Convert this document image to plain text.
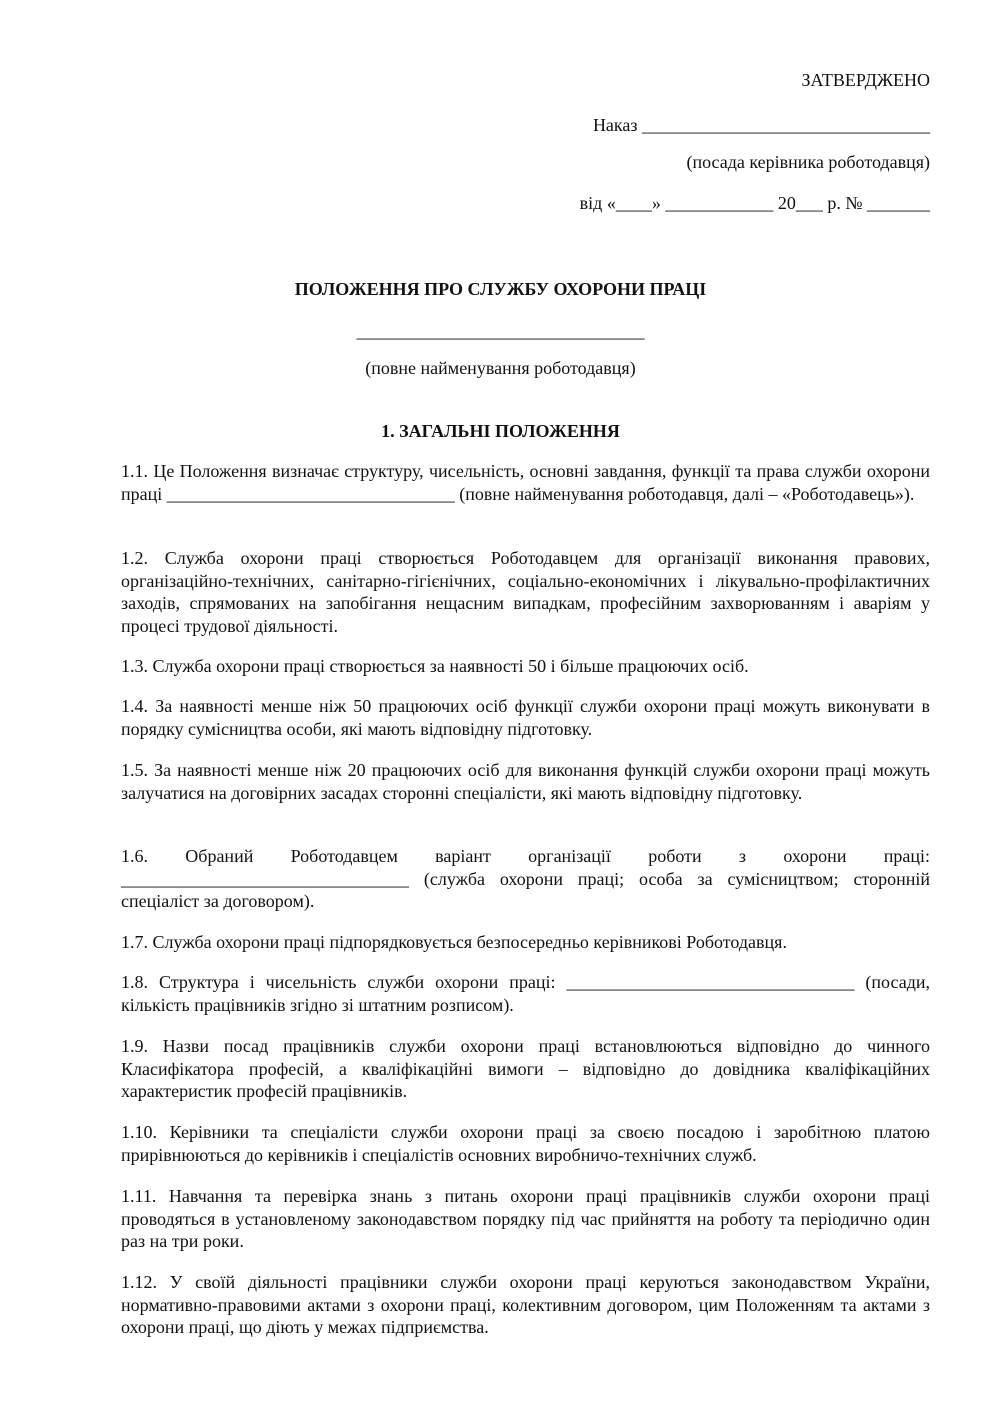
ЗАТВЕРДЖЕНО
Наказ ________________________________
(посада керівника роботодавця)
від «____» ____________ 20___ р. № _______
ПОЛОЖЕННЯ ПРО СЛУЖБУ ОХОРОНИ ПРАЦІ
________________________________
(повне найменування роботодавця)
1. ЗАГАЛЬНІ ПОЛОЖЕННЯ
1.1. Це Положення визначає структуру, чисельність, основні завдання, функції та права служби охорони праці ________________________________ (повне найменування роботодавця, далі – «Роботодавець»).
1.2. Служба охорони праці створюється Роботодавцем для організації виконання правових, організаційно-технічних, санітарно-гігієнічних, соціально-економічних і лікувально-профілактичних заходів, спрямованих на запобігання нещасним випадкам, професійним захворюванням і аваріям у процесі трудової діяльності.
1.3. Служба охорони праці створюється за наявності 50 і більше працюючих осіб.
1.4. За наявності менше ніж 50 працюючих осіб функції служби охорони праці можуть виконувати в порядку сумісництва особи, які мають відповідну підготовку.
1.5. За наявності менше ніж 20 працюючих осіб для виконання функцій служби охорони праці можуть залучатися на договірних засадах сторонні спеціалісти, які мають відповідну підготовку.
1.6. Обраний Роботодавцем варіант організації роботи з охорони праці: ________________________________ (служба охорони праці; особа за сумісництвом; сторонній спеціаліст за договором).
1.7. Служба охорони праці підпорядковується безпосередньо керівникові Роботодавця.
1.8. Структура і чисельність служби охорони праці: ________________________________ (посади, кількість працівників згідно зі штатним розписом).
1.9. Назви посад працівників служби охорони праці встановлюються відповідно до чинного Класифікатора професій, а кваліфікаційні вимоги – відповідно до довідника кваліфікаційних характеристик професій працівників.
1.10. Керівники та спеціалісти служби охорони праці за своєю посадою і заробітною платою прирівнюються до керівників і спеціалістів основних виробничо-технічних служб.
1.11. Навчання та перевірка знань з питань охорони праці працівників служби охорони праці проводяться в установленому законодавством порядку під час прийняття на роботу та періодично один раз на три роки.
1.12. У своїй діяльності працівники служби охорони праці керуються законодавством України, нормативно-правовими актами з охорони праці, колективним договором, цим Положенням та актами з охорони праці, що діють у межах підприємства.
